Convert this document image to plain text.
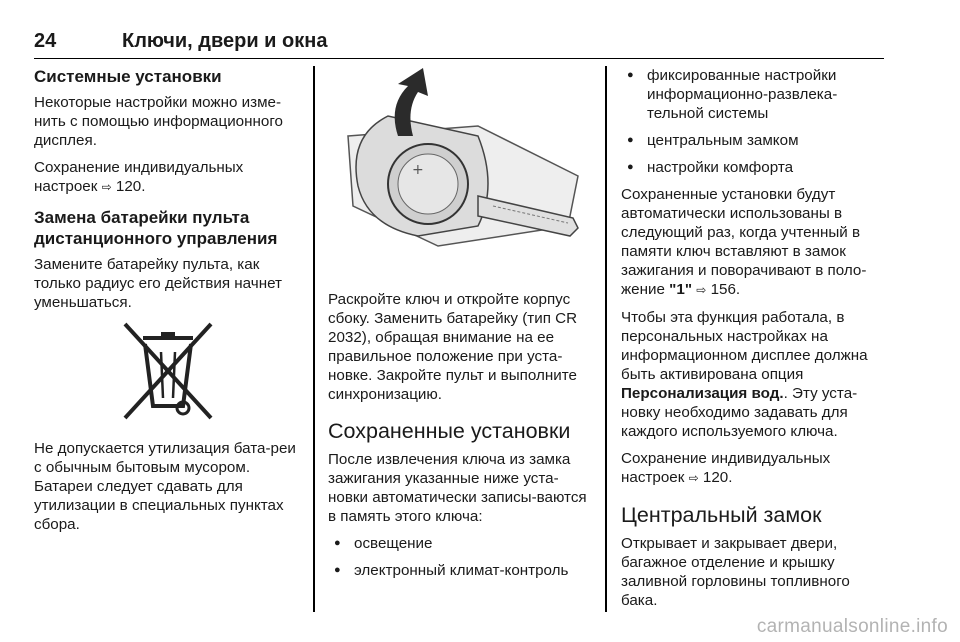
24	Ключи, двери и окна
Системные установки

Некоторые настройки можно изме-нить с помощью информационного дисплея.

Сохранение индивидуальных настроек ⇨ 120.

Замена батарейки пульта дистанционного управления

Замените батарейку пульта, как только радиус его действия начнет уменьшаться.

Не допускается утилизация бата-реи с обычным бытовым мусором. Батареи следует сдавать для утилизации в специальных пунктах сбора.

+

Раскройте ключ и откройте корпус сбоку. Заменить батарейку (тип CR 2032), обращая внимание на ее правильное положение при уста-новке. Закройте пульт и выполните синхронизацию.

Сохраненные установки

После извлечения ключа из замка зажигания указанные ниже уста-новки автоматически записы-ваются в память этого ключа:

● освещение
● электронный климат-контроль
● фиксированные настройки информационно-развлека-тельной системы
● центральным замком
● настройки комфорта

Сохраненные установки будут автоматически использованы в следующий раз, когда учтенный в памяти ключ вставляют в замок зажигания и поворачивают в поло-жение "1" ⇨ 156.

Чтобы эта функция работала, в персональных настройках на информационном дисплее должна быть активирована опция Персонализация вод.. Эту уста-новку необходимо задавать для каждого используемого ключа.

Сохранение индивидуальных настроек ⇨ 120.

Центральный замок

Открывает и закрывает двери, багажное отделение и крышку заливной горловины топливного бака.

carmanualsonline.info
